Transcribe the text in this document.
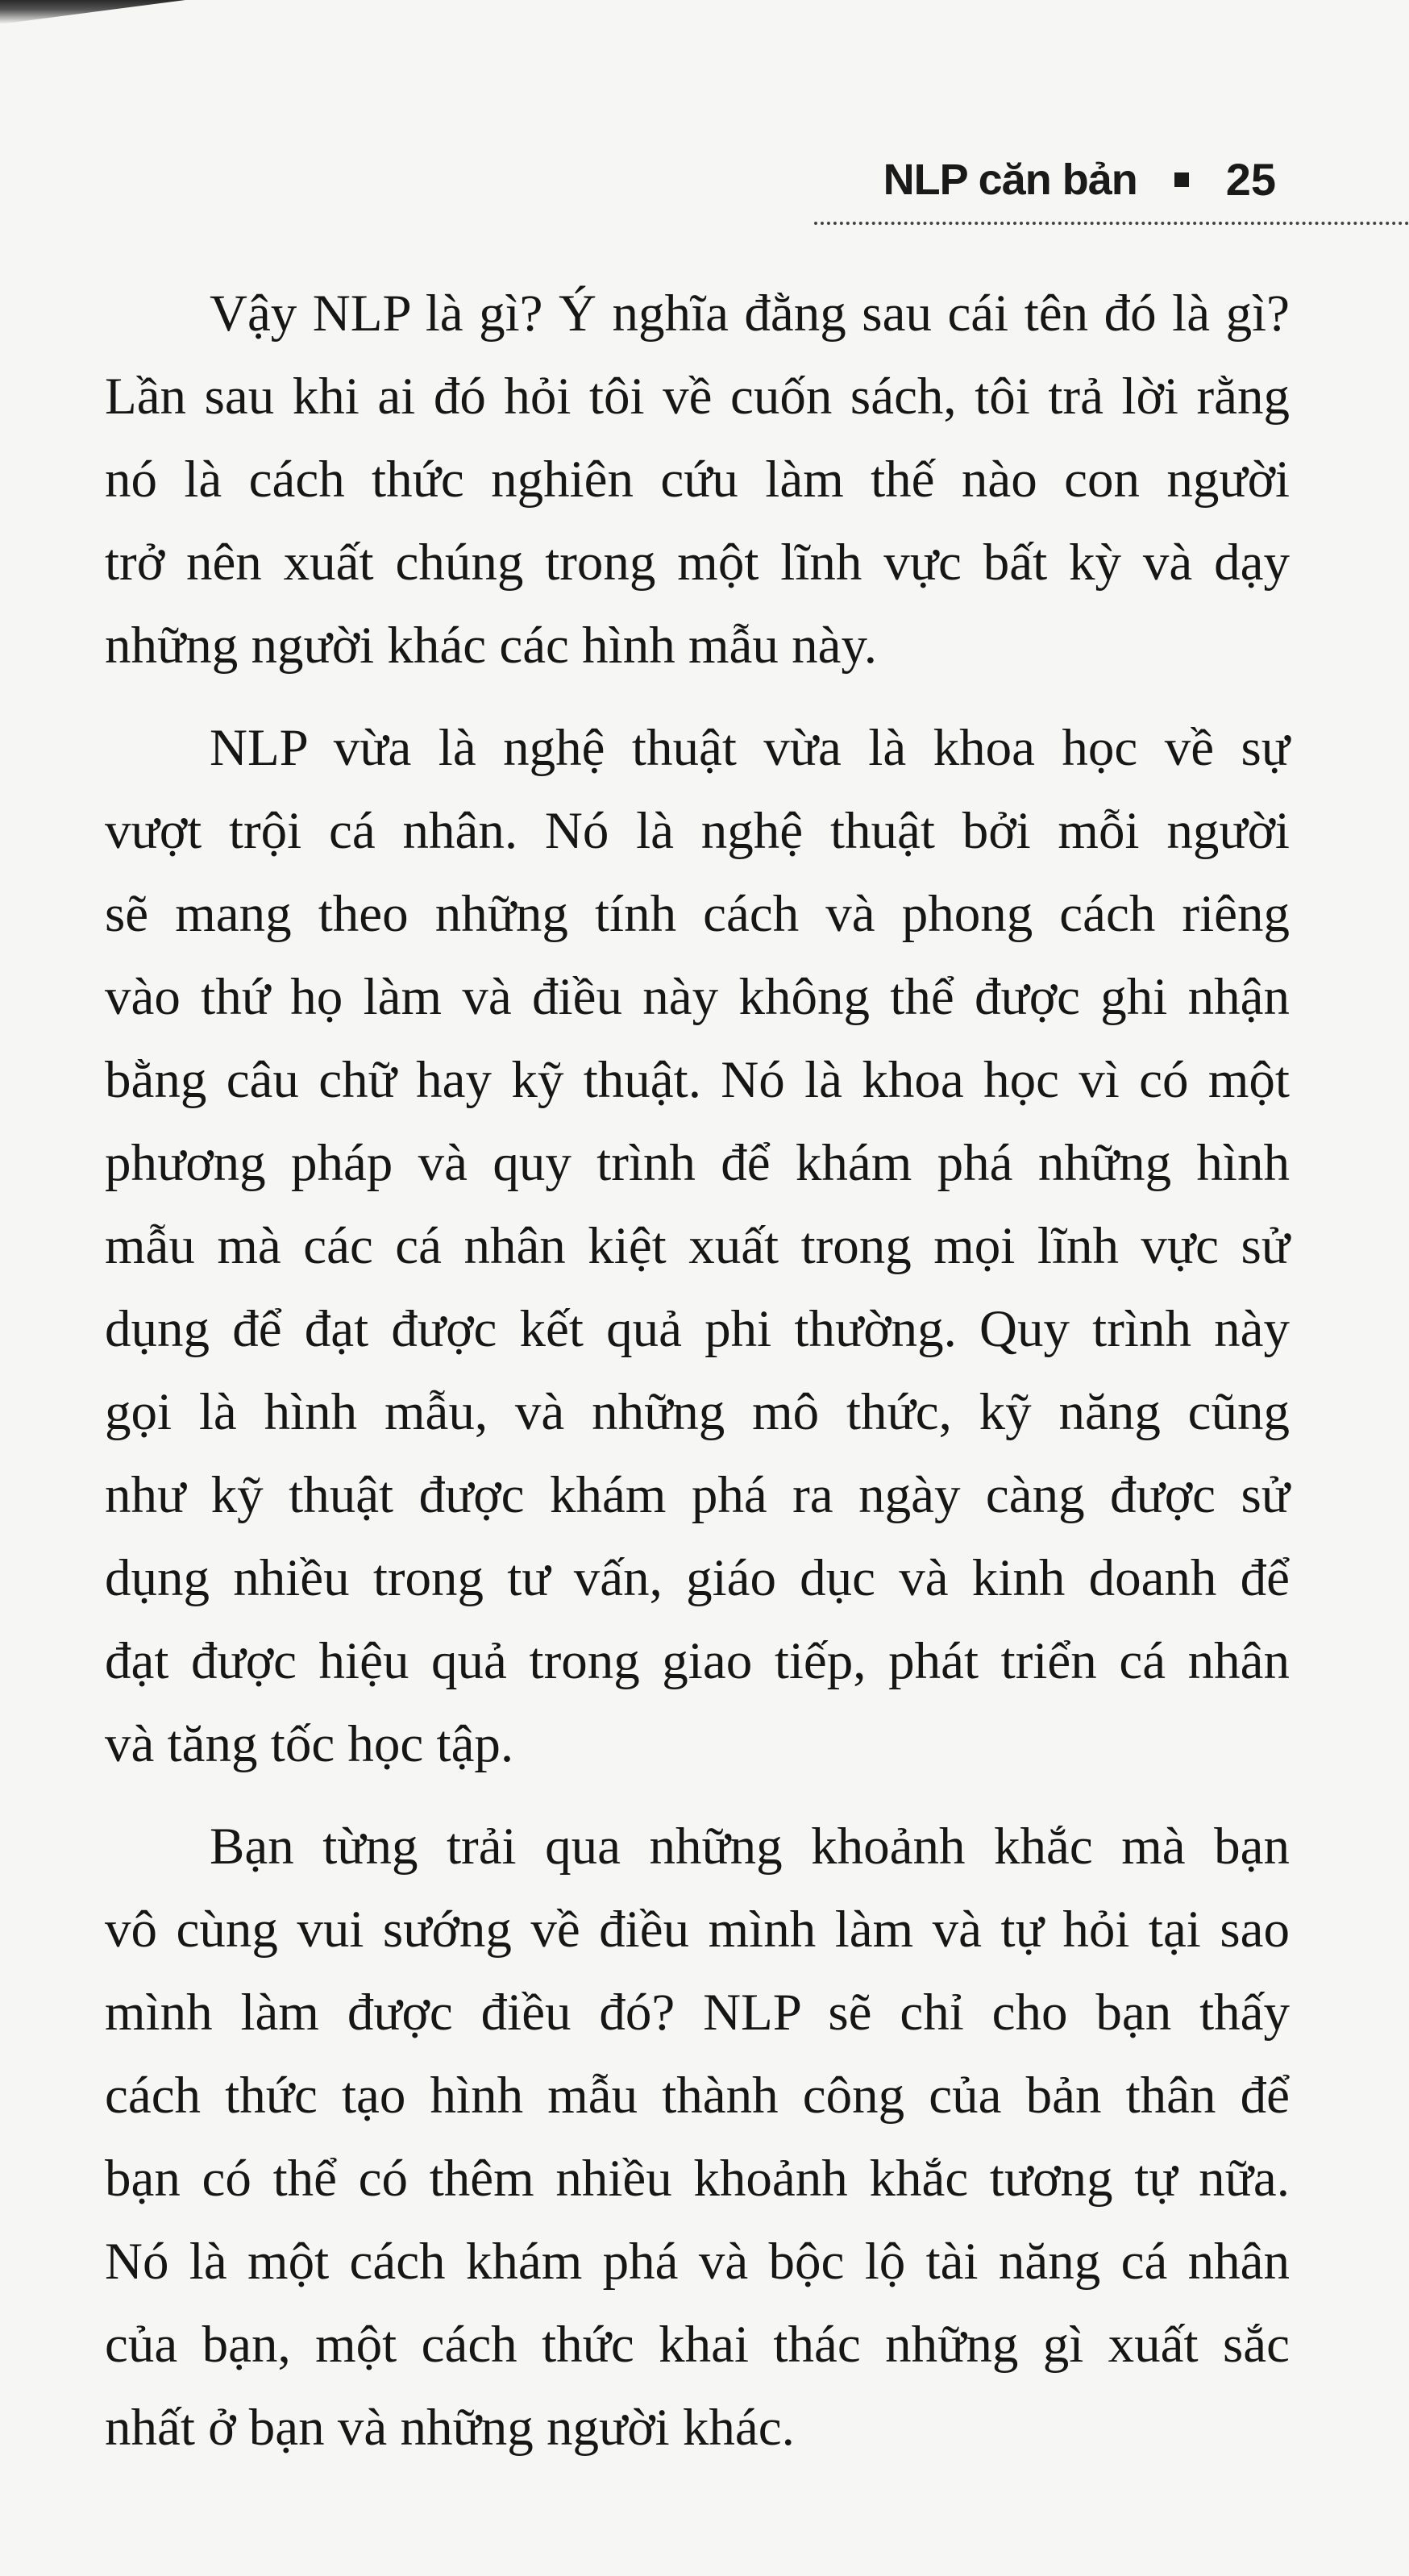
NLP căn bản 25

Vậy NLP là gì? Ý nghĩa đằng sau cái tên đó là gì?
Lần sau khi ai đó hỏi tôi về cuốn sách, tôi trả lời rằng
nó là cách thức nghiên cứu làm thế nào con người
trở nên xuất chúng trong một lĩnh vực bất kỳ và dạy
những người khác các hình mẫu này.

NLP vừa là nghệ thuật vừa là khoa học về sự
vượt trội cá nhân. Nó là nghệ thuật bởi mỗi người
sẽ mang theo những tính cách và phong cách riêng
vào thứ họ làm và điều này không thể được ghi nhận
bằng câu chữ hay kỹ thuật. Nó là khoa học vì có một
phương pháp và quy trình để khám phá những hình
mẫu mà các cá nhân kiệt xuất trong mọi lĩnh vực sử
dụng để đạt được kết quả phi thường. Quy trình này
gọi là hình mẫu, và những mô thức, kỹ năng cũng
như kỹ thuật được khám phá ra ngày càng được sử
dụng nhiều trong tư vấn, giáo dục và kinh doanh để
đạt được hiệu quả trong giao tiếp, phát triển cá nhân
và tăng tốc học tập.

Bạn từng trải qua những khoảnh khắc mà bạn
vô cùng vui sướng về điều mình làm và tự hỏi tại sao
mình làm được điều đó? NLP sẽ chỉ cho bạn thấy
cách thức tạo hình mẫu thành công của bản thân để
bạn có thể có thêm nhiều khoảnh khắc tương tự nữa.
Nó là một cách khám phá và bộc lộ tài năng cá nhân
của bạn, một cách thức khai thác những gì xuất sắc
nhất ở bạn và những người khác.
